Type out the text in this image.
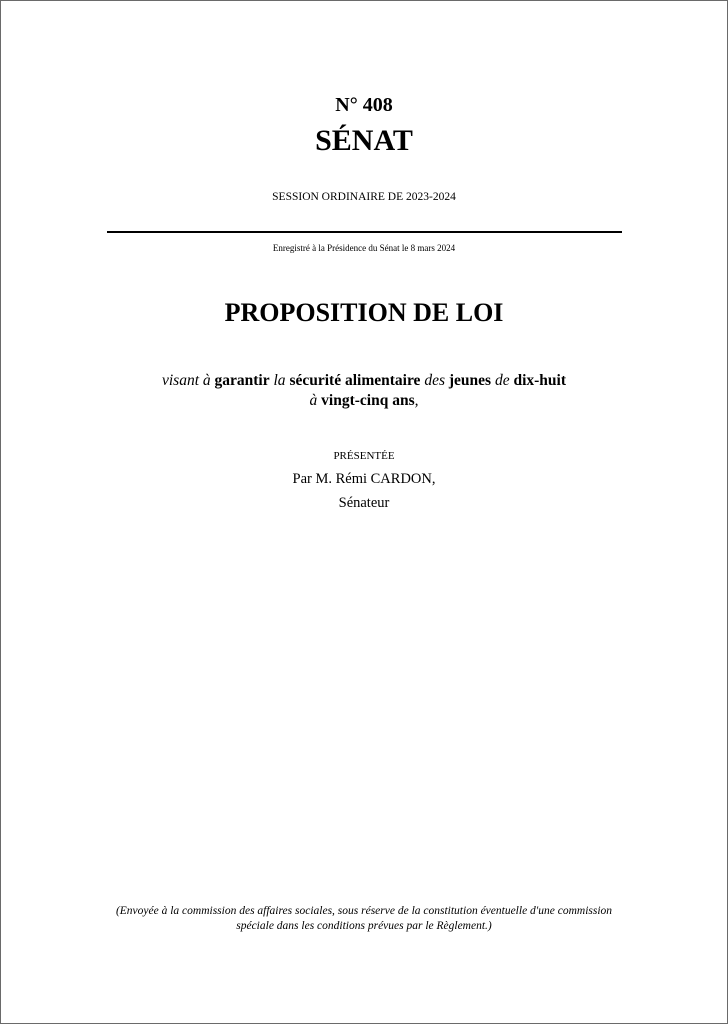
N° 408
SÉNAT
SESSION ORDINAIRE DE 2023-2024
Enregistré à la Présidence du Sénat le 8 mars 2024
PROPOSITION DE LOI
visant à garantir la sécurité alimentaire des jeunes de dix-huit
à vingt-cinq ans,
PRÉSENTÉE
Par M. Rémi CARDON,
Sénateur
(Envoyée à la commission des affaires sociales, sous réserve de la constitution éventuelle d'une commission
spéciale dans les conditions prévues par le Règlement.)
